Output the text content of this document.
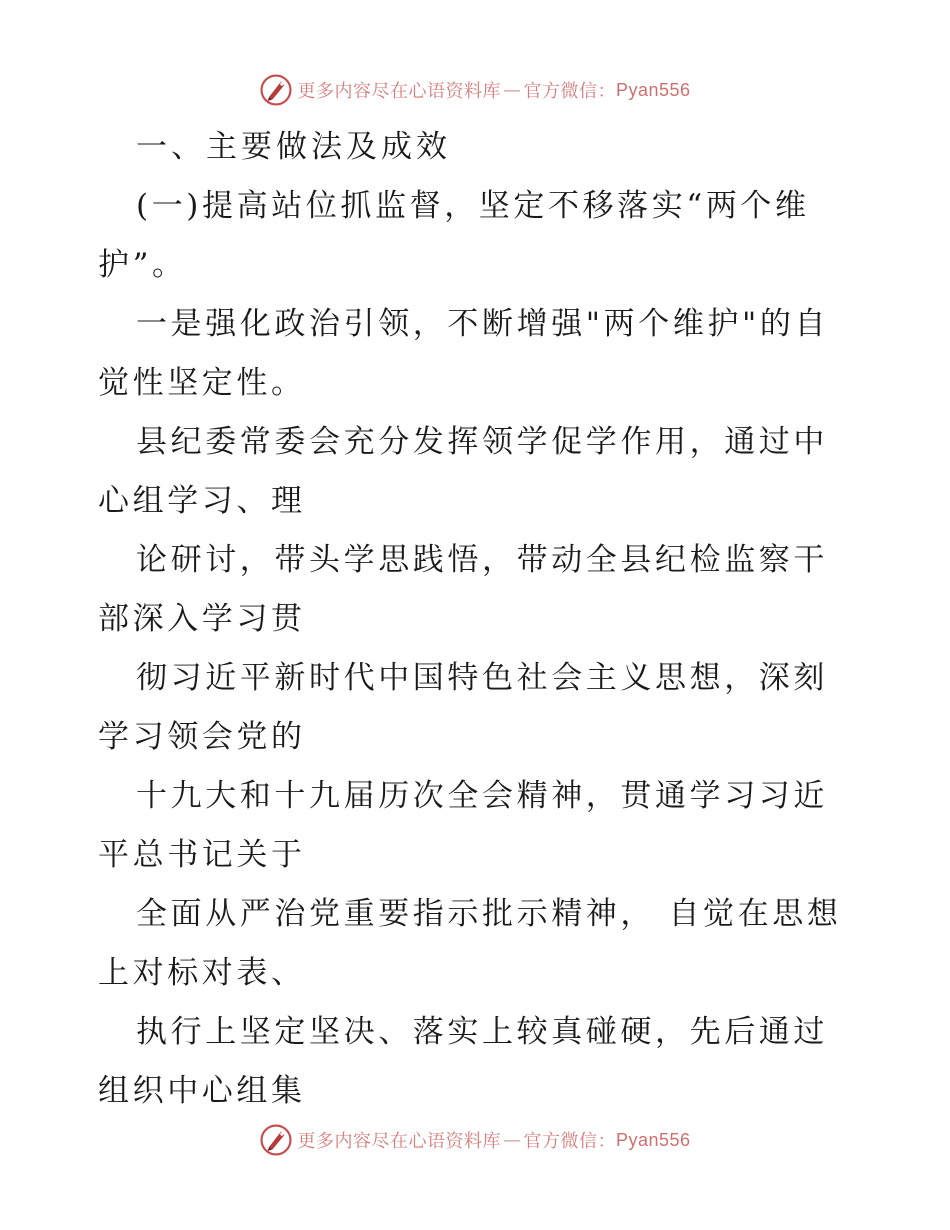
更多内容尽在心语资料库 — 官方微信： Pyan556

一、主要做法及成效

(一)提高站位抓监督，坚定不移落实“两个维护”。

一是强化政治引领，不断增强"两个维护"的自觉性坚定性。

县纪委常委会充分发挥领学促学作用，通过中心组学习、理

论研讨，带头学思践悟，带动全县纪检监察干部深入学习贯

彻习近平新时代中国特色社会主义思想，深刻学习领会党的

十九大和十九届历次全会精神，贯通学习习近平总书记关于

全面从严治党重要指示批示精神， 自觉在思想上对标对表、

执行上坚定坚决、落实上较真碰硬，先后通过组织中心组集

更多内容尽在心语资料库 — 官方微信： Pyan556
